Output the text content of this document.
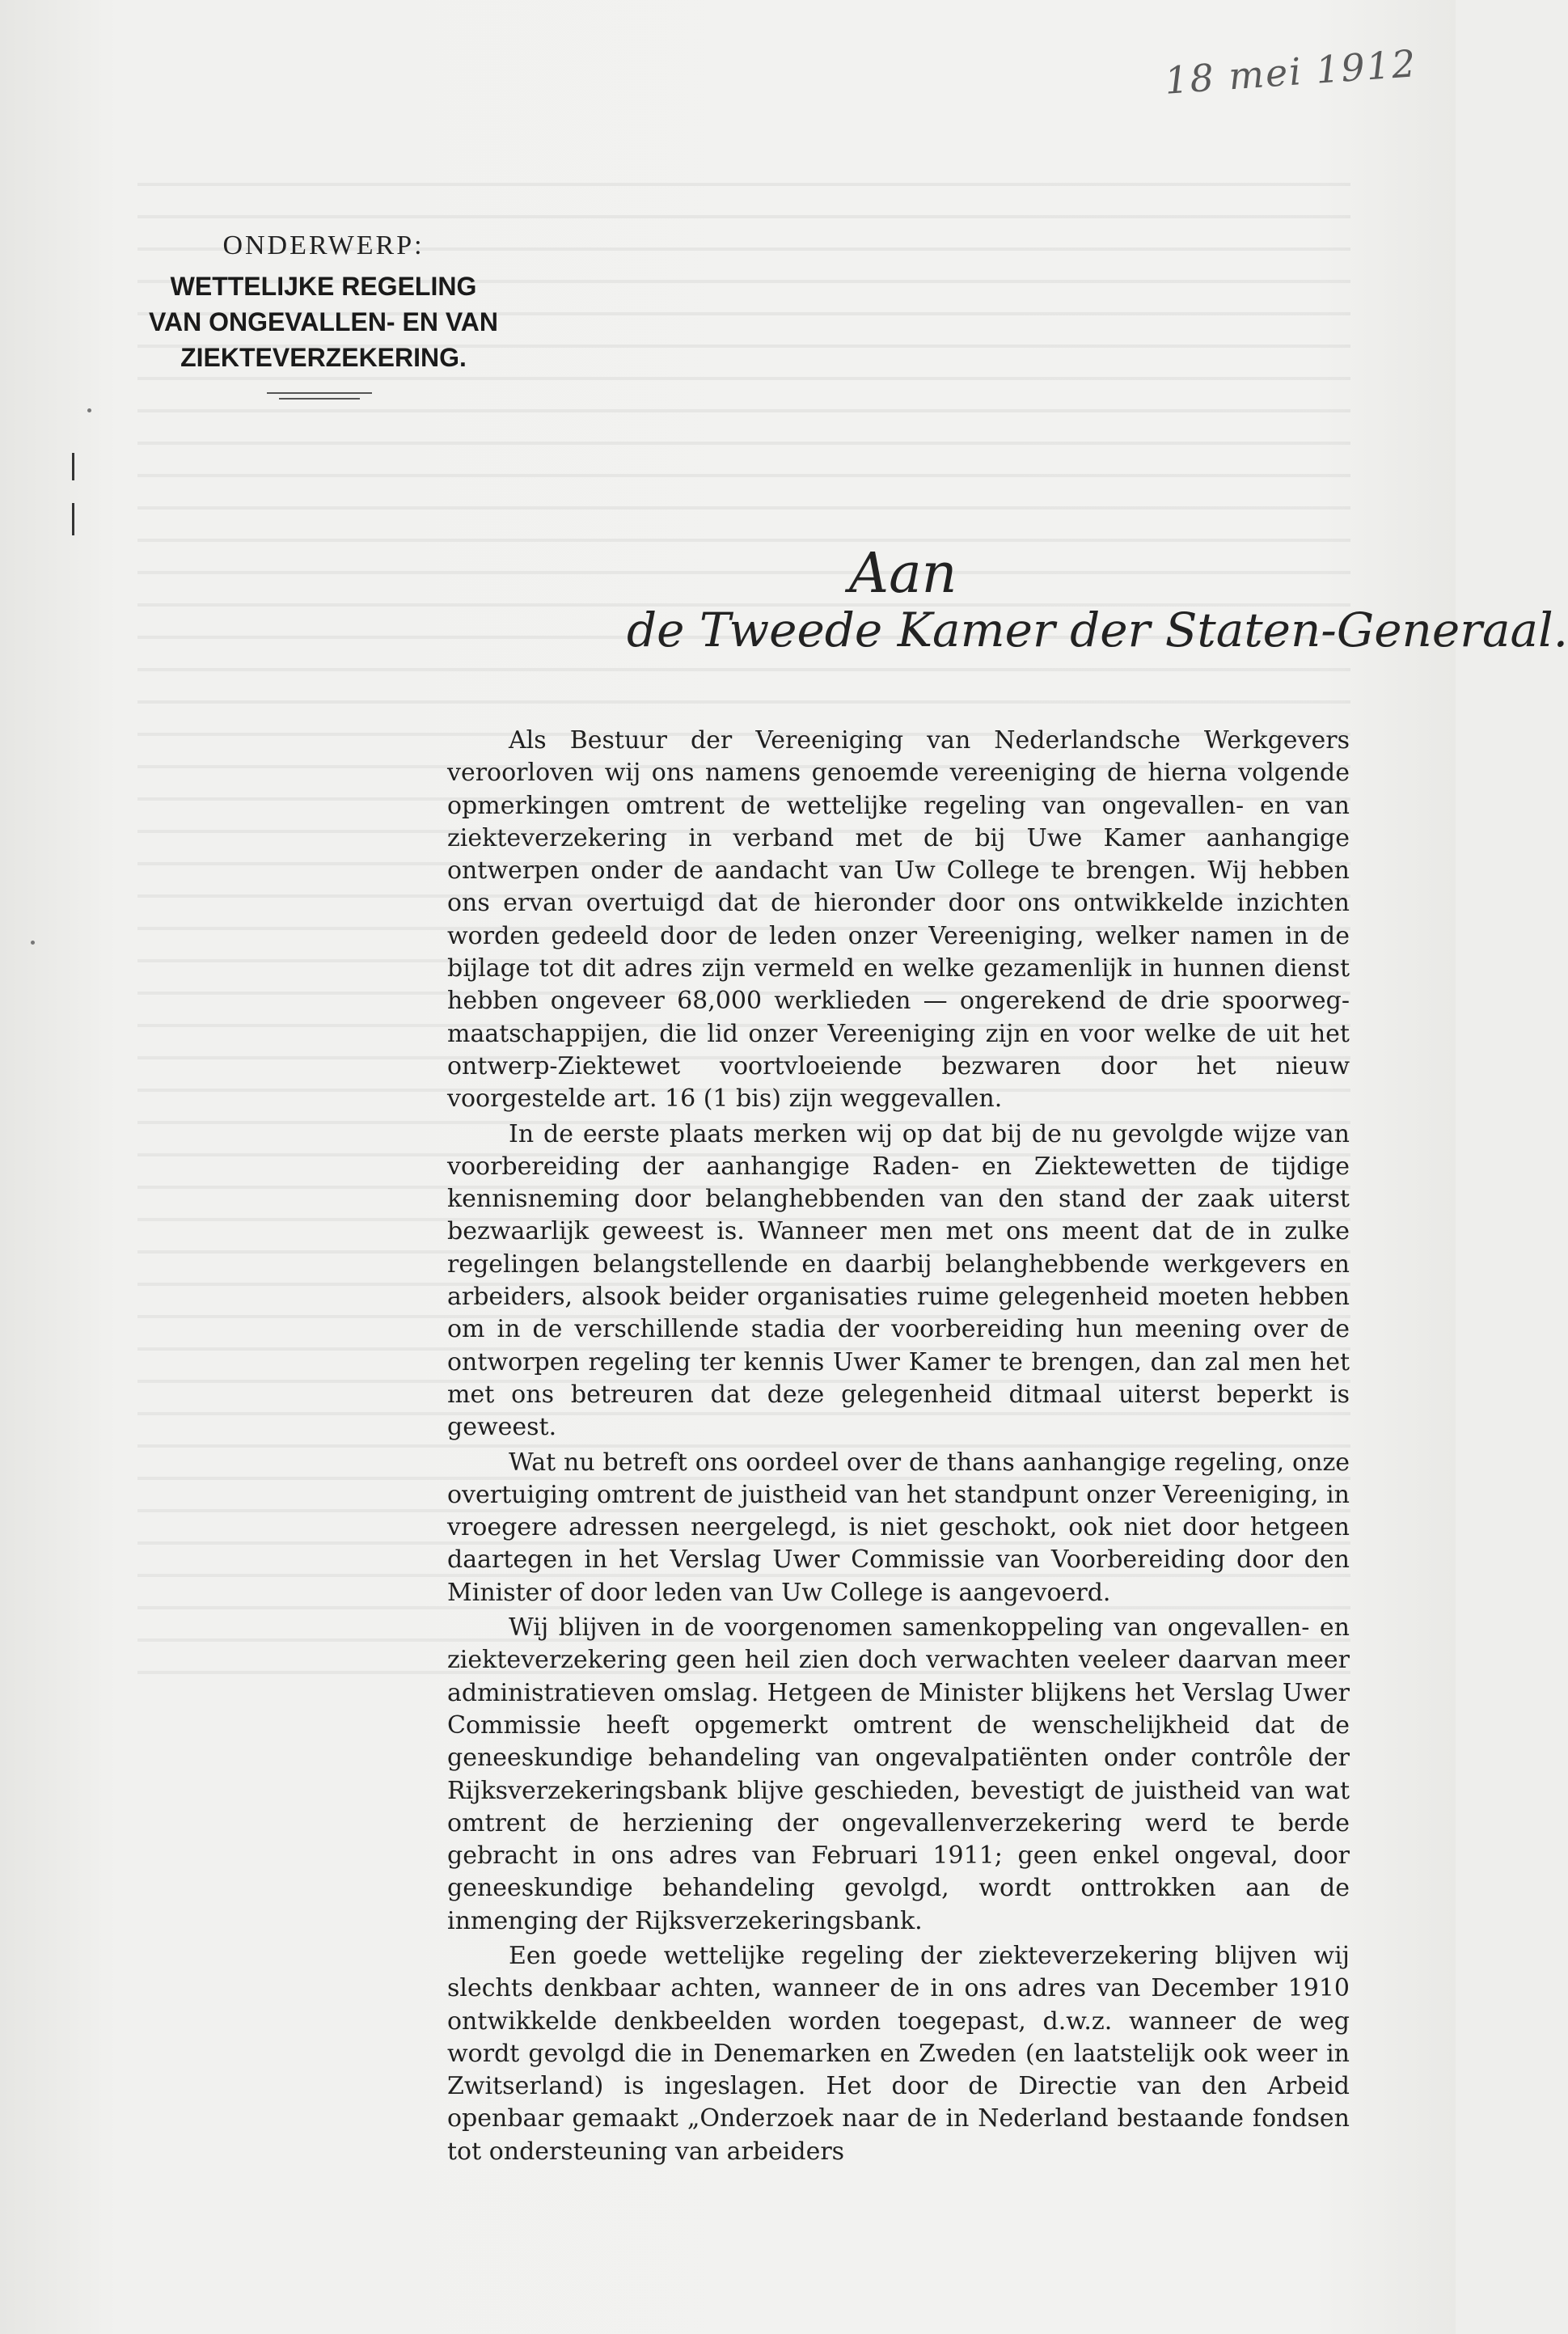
18 mei 1912
ONDERWERP:
WETTELIJKE REGELING
VAN ONGEVALLEN- EN VAN
ZIEKTEVERZEKERING.
Aan
de Tweede Kamer der Staten-Generaal.

Als Bestuur der Vereeniging van Nederlandsche Werkgevers veroorloven wij ons namens genoemde vereeniging de hierna volgende opmerkingen omtrent de wettelijke regeling van ongevallen- en van ziekteverzekering in verband met de bij Uwe Kamer aanhangige ontwerpen onder de aandacht van Uw College te brengen. Wij hebben ons ervan overtuigd dat de hieronder door ons ontwikkelde inzichten worden gedeeld door de leden onzer Vereeniging, welker namen in de bijlage tot dit adres zijn vermeld en welke gezamenlijk in hunnen dienst hebben ongeveer 68,000 werklieden — ongerekend de drie spoorweg-maatschappijen, die lid onzer Vereeniging zijn en voor welke de uit het ontwerp-Ziektewet voortvloeiende bezwaren door het nieuw voorgestelde art. 16 (1 bis) zijn weggevallen.

In de eerste plaats merken wij op dat bij de nu gevolgde wijze van voorbereiding der aanhangige Raden- en Ziektewetten de tijdige kennisneming door belanghebbenden van den stand der zaak uiterst bezwaarlijk geweest is. Wanneer men met ons meent dat de in zulke regelingen belangstellende en daarbij belanghebbende werkgevers en arbeiders, alsook beider organisaties ruime gelegenheid moeten hebben om in de verschillende stadia der voorbereiding hun meening over de ontworpen regeling ter kennis Uwer Kamer te brengen, dan zal men het met ons betreuren dat deze gelegenheid ditmaal uiterst beperkt is geweest.

Wat nu betreft ons oordeel over de thans aanhangige regeling, onze overtuiging omtrent de juistheid van het standpunt onzer Vereeniging, in vroegere adressen neergelegd, is niet geschokt, ook niet door hetgeen daartegen in het Verslag Uwer Commissie van Voorbereiding door den Minister of door leden van Uw College is aangevoerd.

Wij blijven in de voorgenomen samenkoppeling van ongevallen- en ziekteverzekering geen heil zien doch verwachten veeleer daarvan meer administratieven omslag. Hetgeen de Minister blijkens het Verslag Uwer Commissie heeft opgemerkt omtrent de wenschelijkheid dat de geneeskundige behandeling van ongevalpatiënten onder contrôle der Rijksverzekeringsbank blijve geschieden, bevestigt de juistheid van wat omtrent de herziening der ongevallenverzekering werd te berde gebracht in ons adres van Februari 1911; geen enkel ongeval, door geneeskundige behandeling gevolgd, wordt onttrokken aan de inmenging der Rijksverzekeringsbank.

Een goede wettelijke regeling der ziekteverzekering blijven wij slechts denkbaar achten, wanneer de in ons adres van December 1910 ontwikkelde denkbeelden worden toegepast, d.w.z. wanneer de weg wordt gevolgd die in Denemarken en Zweden (en laatstelijk ook weer in Zwitserland) is ingeslagen. Het door de Directie van den Arbeid openbaar gemaakt „Onderzoek naar de in Nederland bestaande fondsen tot ondersteuning van arbeiders
